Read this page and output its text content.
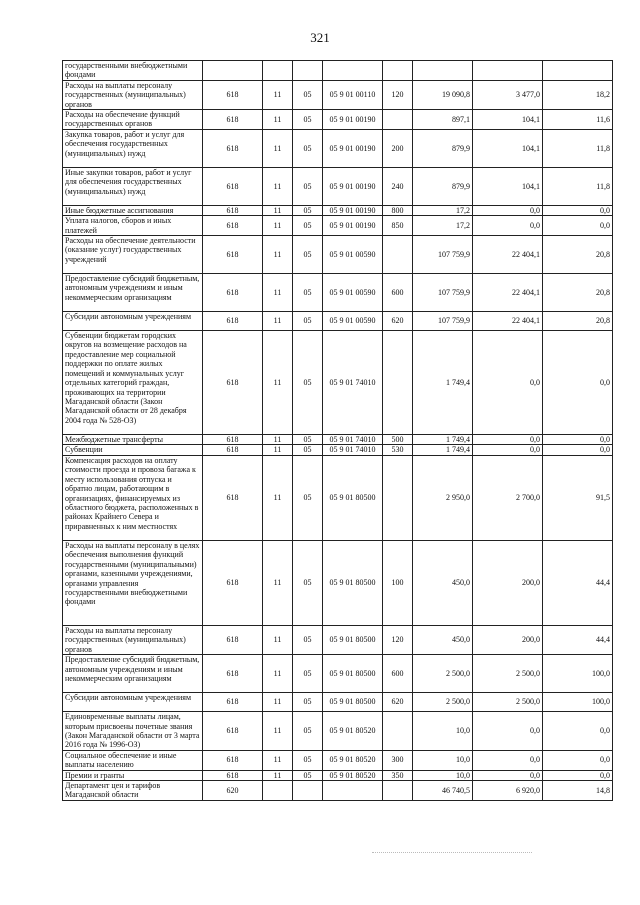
321
государственными внебюджетными фондами								
Расходы на выплаты персоналу государственных (муниципальных) органов	618	11	05	05 9 01 00110	120	19 090,8	3 477,0	18,2
Расходы на обеспечение функций государственных органов	618	11	05	05 9 01 00190		897,1	104,1	11,6
Закупка товаров, работ и услуг для обеспечения государственных (муниципальных) нужд	618	11	05	05 9 01 00190	200	879,9	104,1	11,8
Иные закупки товаров, работ и услуг для обеспечения государственных (муниципальных) нужд	618	11	05	05 9 01 00190	240	879,9	104,1	11,8
Иные бюджетные ассигнования	618	11	05	05 9 01 00190	800	17,2	0,0	0,0
Уплата налогов, сборов и иных платежей	618	11	05	05 9 01 00190	850	17,2	0,0	0,0
Расходы на обеспечение деятельности (оказание услуг) государственных учреждений	618	11	05	05 9 01 00590		107 759,9	22 404,1	20,8
Предоставление субсидий бюджетным, автономным учреждениям и иным некоммерческим организациям	618	11	05	05 9 01 00590	600	107 759,9	22 404,1	20,8
Субсидии автономным учреждениям	618	11	05	05 9 01 00590	620	107 759,9	22 404,1	20,8
Субвенции бюджетам городских округов на возмещение расходов на предоставление мер социальной поддержки по оплате жилых помещений и коммунальных услуг отдельных категорий граждан, проживающих на территории Магаданской области (Закон Магаданской области от 28 декабря 2004 года № 528-ОЗ)	618	11	05	05 9 01 74010		1 749,4	0,0	0,0
Межбюджетные трансферты	618	11	05	05 9 01 74010	500	1 749,4	0,0	0,0
Субвенции	618	11	05	05 9 01 74010	530	1 749,4	0,0	0,0
Компенсация расходов на оплату стоимости проезда и провоза багажа к месту использования отпуска и обратно лицам, работающим в организациях, финансируемых из областного бюджета, расположенных в районах Крайнего Севера и приравненных к ним местностях	618	11	05	05 9 01 80500		2 950,0	2 700,0	91,5
Расходы на выплаты персоналу в целях обеспечения выполнения функций государственными (муниципальными) органами, казенными учреждениями, органами управления государственными внебюджетными фондами	618	11	05	05 9 01 80500	100	450,0	200,0	44,4
Расходы на выплаты персоналу государственных (муниципальных) органов	618	11	05	05 9 01 80500	120	450,0	200,0	44,4
Предоставление субсидий бюджетным, автономным учреждениям и иным некоммерческим организациям	618	11	05	05 9 01 80500	600	2 500,0	2 500,0	100,0
Субсидии автономным учреждениям	618	11	05	05 9 01 80500	620	2 500,0	2 500,0	100,0
Единовременные выплаты лицам, которым присвоены почетные звания (Закон Магаданской области от 3 марта 2016 года № 1996-ОЗ)	618	11	05	05 9 01 80520		10,0	0,0	0,0
Социальное обеспечение и иные выплаты населению	618	11	05	05 9 01 80520	300	10,0	0,0	0,0
Премии и гранты	618	11	05	05 9 01 80520	350	10,0	0,0	0,0
Департамент цен и тарифов Магаданской области	620					46 740,5	6 920,0	14,8
